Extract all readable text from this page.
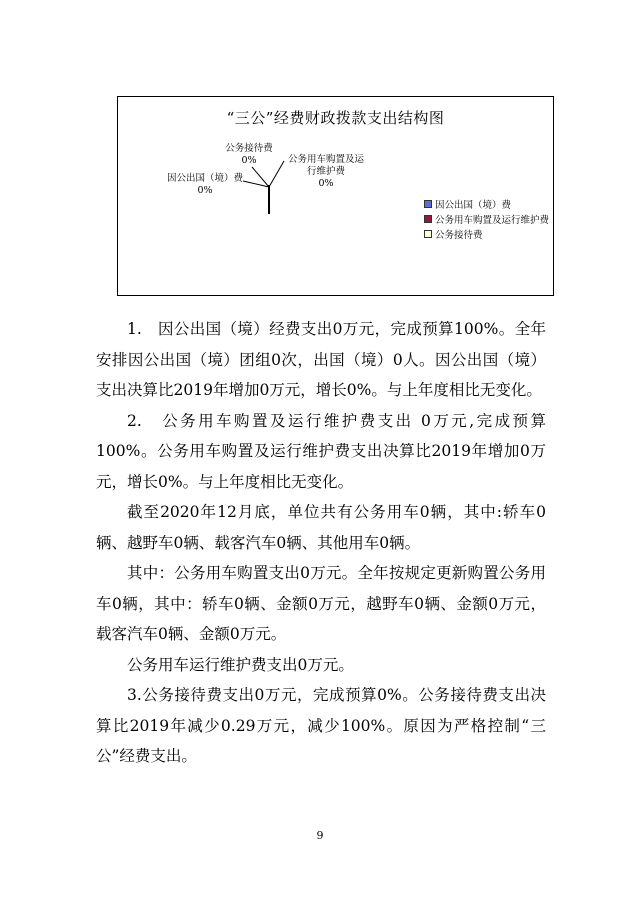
“三公”经费财政拨款支出结构图
公务接待费
0%	公务用车购置及运
行维护费
0%
因公出国（境）费
0%
因公出国（境）费
公务用车购置及运行维护费
公务接待费

1.　因公出国（境）经费支出0万元，完成预算100%。全年安排因公出国（境）团组0次，出国（境）0人。因公出国（境）支出决算比2019年增加0万元，增长0%。与上年度相比无变化。

2.　公务用车购置及运行维护费支出 0万元,完成预算100%。公务用车购置及运行维护费支出决算比2019年增加0万元，增长0%。与上年度相比无变化。

截至2020年12月底，单位共有公务用车0辆，其中:轿车0辆、越野车0辆、载客汽车0辆、其他用车0辆。

其中：公务用车购置支出0万元。全年按规定更新购置公务用车0辆，其中：轿车0辆、金额0万元，越野车0辆、金额0万元，载客汽车0辆、金额0万元。

公务用车运行维护费支出0万元。

3.公务接待费支出0万元，完成预算0%。公务接待费支出决算比2019年减少0.29万元，减少100%。原因为严格控制“三公”经费支出。

9
